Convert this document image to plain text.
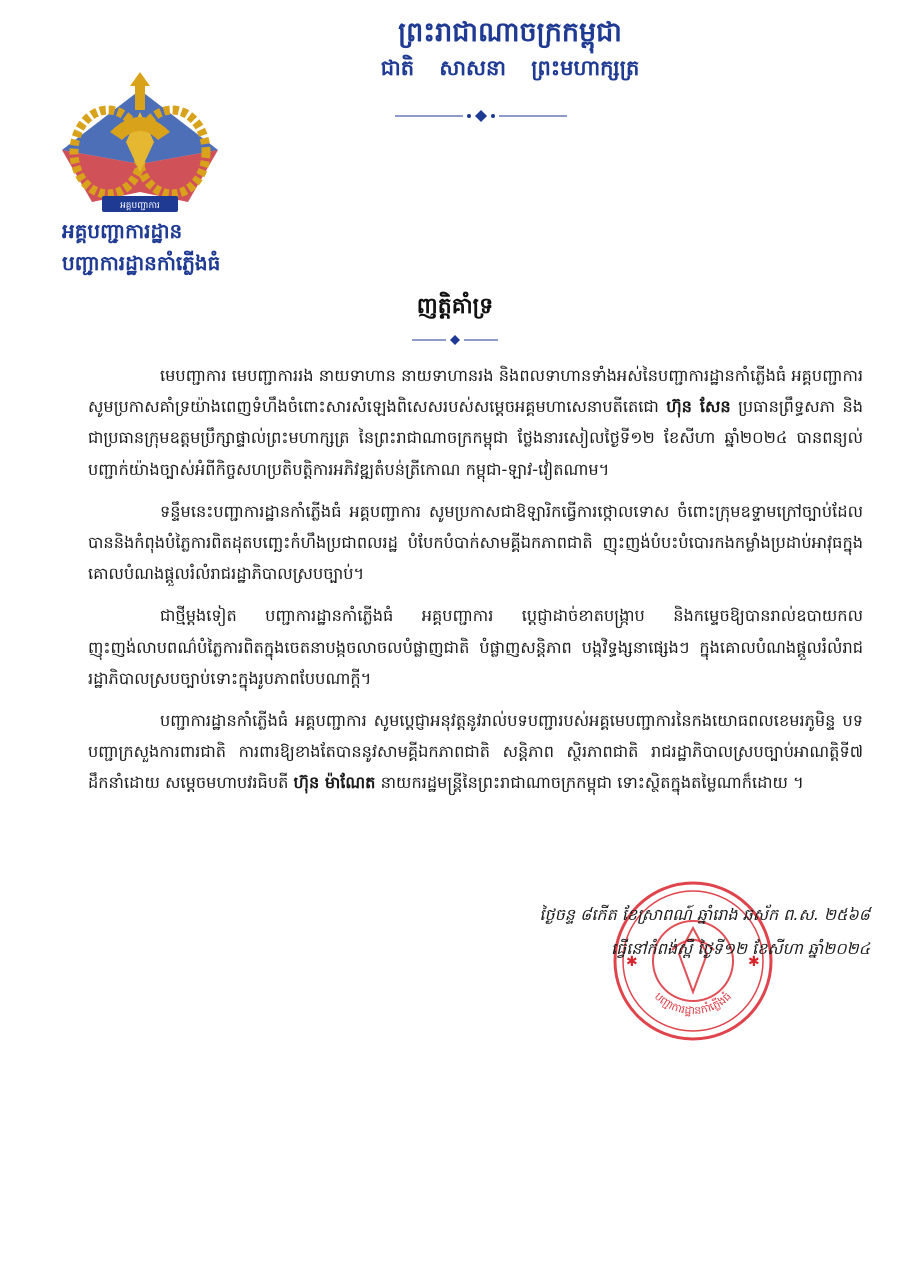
ព្រះរាជាណាចក្រកម្ពុជា
ជាតិ សាសនា ព្រះមហាក្សត្រ
អគ្គបញ្ជាការ
អគ្គបញ្ជាការដ្ឋាន
បញ្ជាការដ្ឋានកាំភ្លើងធំ
ញត្តិគាំទ្រ

មេបញ្ជាការ មេបញ្ជាការរង នាយទាហាន នាយទាហានរង និងពលទាហានទាំងអស់នៃបញ្ជាការដ្ឋានកាំភ្លើងធំ អគ្គបញ្ជាការ សូមប្រកាសគាំទ្រយ៉ាងពេញទំហឹងចំពោះសារសំឡេងពិសេសរបស់សម្តេចអគ្គមហាសេនាបតីតេជោ ហ៊ុន សែន ប្រធានព្រឹទ្ធសភា និងជាប្រធានក្រុមឧត្តមប្រឹក្សាផ្ទាល់ព្រះមហាក្សត្រ នៃព្រះរាជាណាចក្រកម្ពុជា ថ្លែងនារសៀលថ្ងៃទី១២ ខែសីហា ឆ្នាំ២០២៤ បានពន្យល់បញ្ជាក់យ៉ាងច្បាស់អំពីកិច្ចសហប្រតិបត្តិការអភិវឌ្ឍតំបន់ត្រីកោណ កម្ពុជា-ឡាវ-វៀតណាម។

ទន្ទឹមនេះបញ្ជាការដ្ឋានកាំភ្លើងធំ អគ្គបញ្ជាការ សូមប្រកាសជាឱឡារិកធ្វើការថ្កោលទោស ចំពោះក្រុមឧទ្ទាមក្រៅច្បាប់ដែលបាននិងកំពុងបំភ្លៃការពិតដុតបញ្ឆេះកំហឹងប្រជាពលរដ្ឋ បំបែកបំបាក់សាមគ្គីឯកភាពជាតិ ញុះញង់បំបះបំបោរកងកម្លាំងប្រដាប់អាវុធក្នុងគោលបំណងផ្តួលរំលំរាជរដ្ឋាភិបាលស្របច្បាប់។

ជាថ្មីម្តងទៀត បញ្ជាការដ្ឋានកាំភ្លើងធំ អគ្គបញ្ជាការ ប្តេជ្ញាដាច់ខាតបង្ក្រាប និងកម្ទេចឱ្យបានរាល់ឧបាយកលញុះញង់លាបពណ៌បំភ្លៃការពិតក្នុងចេតនាបង្កចលាចលបំផ្លាញជាតិ បំផ្លាញសន្តិភាព បង្កវិទ្ធង្សនាផ្សេងៗ ក្នុងគោលបំណងផ្តួលរំលំរាជរដ្ឋាភិបាលស្របច្បាប់ទោះក្នុងរូបភាពបែបណាក្តី។

បញ្ជាការដ្ឋានកាំភ្លើងធំ អគ្គបញ្ជាការ សូមប្តេជ្ញាអនុវត្តនូវរាល់បទបញ្ជារបស់អគ្គមេបញ្ជាការនៃកងយោធពលខេមរភូមិន្ទ បទបញ្ជាក្រសួងការពារជាតិ ការពារឱ្យខាងតែបាននូវសាមគ្គីឯកភាពជាតិ សន្តិភាព ស្ថិរភាពជាតិ រាជរដ្ឋាភិបាលស្របច្បាប់អាណត្តិទី៧ ដឹកនាំដោយ សម្តេចមហាបវរធិបតី ហ៊ុន ម៉ាណែត នាយករដ្ឋមន្ត្រីនៃព្រះរាជាណាចក្រកម្ពុជា ទោះស្ថិតក្នុងតម្លៃណាក៏ដោយ ។

✱	✱
បញ្ជាការដ្ឋានកាំភ្លើងធំ
ថ្ងៃចន្ទ ៨កើត ខែស្រាពណ៍ ឆ្នាំរោង ឆស័ក ព.ស. ២៥៦៨
ធ្វើនៅកំពង់ស្ពឺ ថ្ងៃទី១២ ខែសីហា ឆ្នាំ២០២៤
